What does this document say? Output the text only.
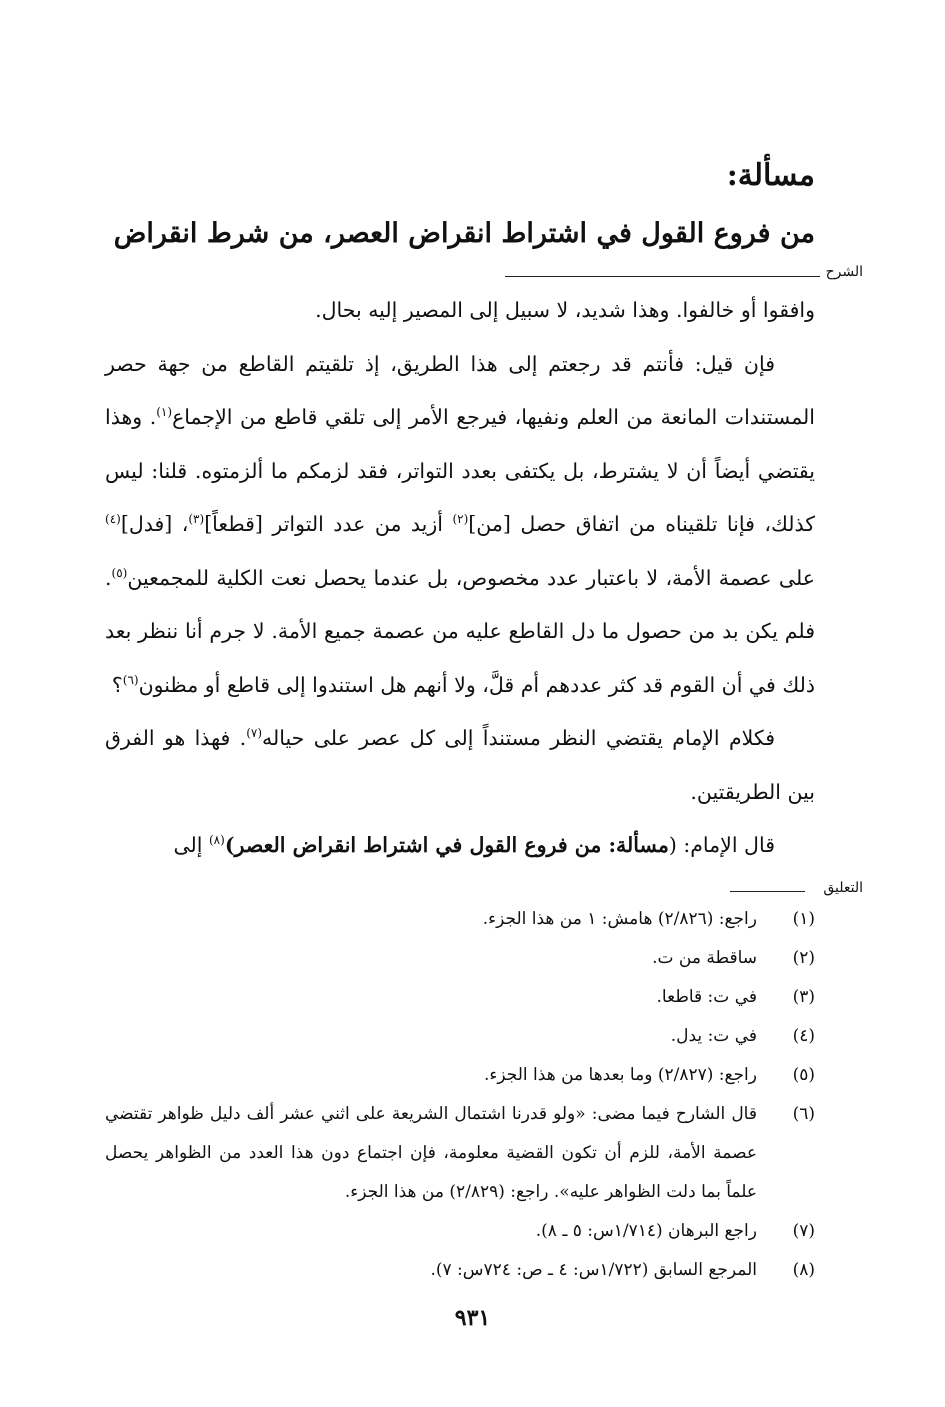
مسألة:
من فروع القول في اشتراط انقراض العصر، من شرط انقراض
الشرح

وافقوا أو خالفوا. وهذا شديد، لا سبيل إلى المصير إليه بحال.

فإن قيل: فأنتم قد رجعتم إلى هذا الطريق، إذ تلقيتم القاطع من جهة حصر المستندات المانعة من العلم ونفيها، فيرجع الأمر إلى تلقي قاطع من الإجماع$^{(١)}$. وهذا يقتضي أيضاً أن لا يشترط، بل يكتفى بعدد التواتر، فقد لزمكم ما ألزمتوه. قلنا: ليس كذلك، فإنا تلقيناه من اتفاق حصل [من]$^{(٢)}$ أزيد من عدد التواتر [قطعاً]$^{(٣)}$، [فدل]$^{(٤)}$ على عصمة الأمة، لا باعتبار عدد مخصوص، بل عندما يحصل نعت الكلية للمجمعين$^{(٥)}$. فلم يكن بد من حصول ما دل القاطع عليه من عصمة جميع الأمة. لا جرم أنا ننظر بعد ذلك في أن القوم قد كثر عددهم أم قلَّ، ولا أنهم هل استندوا إلى قاطع أو مظنون$^{(٦)}$؟

فكلام الإمام يقتضي النظر مستنداً إلى كل عصر على حياله$^{(٧)}$. فهذا هو الفرق بين الطريقتين.

قال الإمام: (مسألة: من فروع القول في اشتراط انقراض العصر)$^{(٨)}$ إلى

التعليق
(١)
راجع: (٢/٨٢٦) هامش: ١ من هذا الجزء.
(٢)
ساقطة من ت.
(٣)
في ت: قاطعا.
(٤)
في ت: يدل.
(٥)
راجع: (٢/٨٢٧) وما بعدها من هذا الجزء.
(٦)
قال الشارح فيما مضى: «ولو قدرنا اشتمال الشريعة على اثني عشر ألف دليل ظواهر تقتضي عصمة الأمة، للزم أن تكون القضية معلومة، فإن اجتماع دون هذا العدد من الظواهر يحصل علماً بما دلت الظواهر عليه». راجع: (٢/٨٢٩) من هذا الجزء.
(٧)
راجع البرهان (١/٧١٤س: ٥ ـ ٨).
(٨)
المرجع السابق (١/٧٢٢س: ٤ ـ ص: ٧٢٤س: ٧).
٩٣١
